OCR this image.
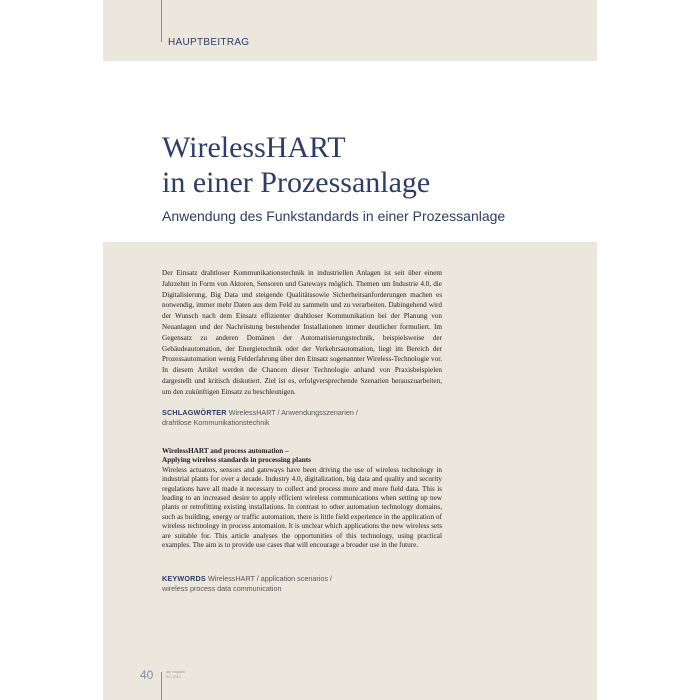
HAUPTBEITRAG
WirelessHART
in einer Prozessanlage
Anwendung des Funkstandards in einer Prozessanlage

Der Einsatz drahtloser Kommunikationstechnik in industriellen Anlagen ist seit über einem Jahrzehnt in Form von Aktoren, Sensoren und Gateways möglich. Themen um Industrie 4.0, die Digitalisierung, Big Data und steigende Qualitätssowie Sicherheitsanforderungen machen es notwendig, immer mehr Daten aus dem Feld zu sammeln und zu verarbeiten. Dabingehend wird der Wunsch nach dem Einsatz effizienter drahtloser Kommunikation bei der Planung von Neuanlagen und der Nachrüstung bestehender Installationen immer deutlicher formuliert. Im Gegensatz zu anderen Domänen der Automatisierungstechnik, beispielsweise der Gebäudeautomation, der Energietechnik oder der Verkehrsautomation, liegt im Bereich der Prozessautomation wenig Felderfahrung über den Einsatz sogenannter Wireless-Technologie vor. In diesem Artikel werden die Chancen dieser Technologie anhand von Praxisbeispielen dargestellt und kritisch diskutiert. Ziel ist es, erfolgversprechende Szenarien herauszuarbeiten, um den zukünftigen Einsatz zu beschleunigen.

SCHLAGWÖRTER WirelessHART / Anwendungsszenarien /
drahtlose Kommunikationstechnik
WirelessHART and process automation –
Applying wireless standards in processing plants

Wireless actuators, sensors and gateways have been driving the use of wireless technology in industrial plants for over a decade. Industry 4.0, digitalization, big data and quality and security regulations have all made it necessary to collect and process more and more field data. This is leading to an increased desire to apply efficient wireless communications when setting up new plants or retrofitting existing installations. In contrast to other automation technology domains, such as building, energy or traffic automation, there is little field experience in the application of wireless technology in process automation. It is unclear which applications the new wireless sets are suitable for. This article analyses the opportunities of this technology, using practical examples. The aim is to provide use cases that will encourage a broader use in the future.

KEYWORDS WirelessHART / application scenarios /
wireless process data communication
40	atp magazin
04 | 2019
